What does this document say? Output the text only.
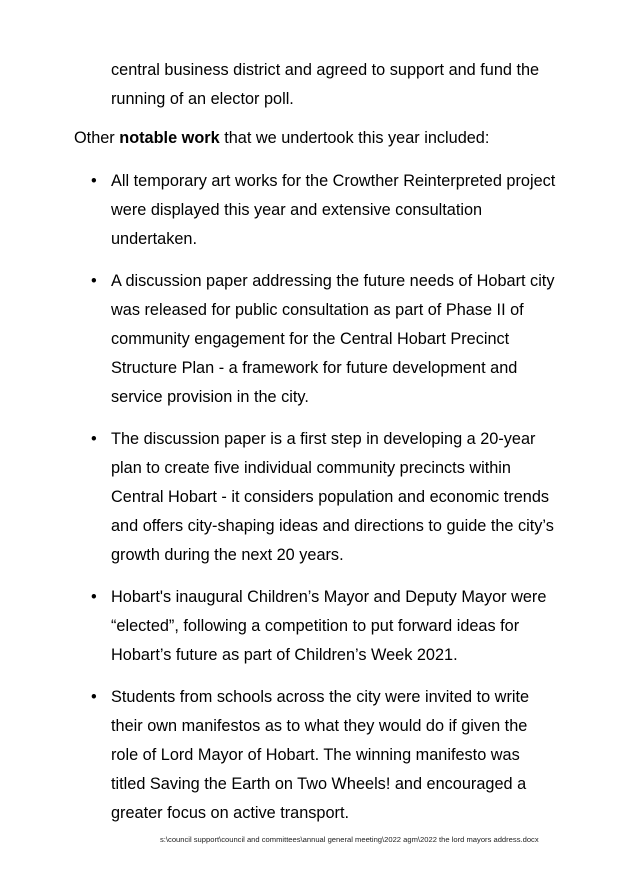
central business district and agreed to support and fund the running of an elector poll.

Other notable work that we undertook this year included:

• All temporary art works for the Crowther Reinterpreted project were displayed this year and extensive consultation undertaken.
• A discussion paper addressing the future needs of Hobart city was released for public consultation as part of Phase II of community engagement for the Central Hobart Precinct Structure Plan - a framework for future development and service provision in the city.
• The discussion paper is a first step in developing a 20-year plan to create five individual community precincts within Central Hobart - it considers population and economic trends and offers city-shaping ideas and directions to guide the city’s growth during the next 20 years.
• Hobart's inaugural Children’s Mayor and Deputy Mayor were “elected”, following a competition to put forward ideas for Hobart’s future as part of Children’s Week 2021.
• Students from schools across the city were invited to write their own manifestos as to what they would do if given the role of Lord Mayor of Hobart. The winning manifesto was titled Saving the Earth on Two Wheels! and encouraged a greater focus on active transport.
s:\council support\council and committees\annual general meeting\2022 agm\2022 the lord mayors address.docx
